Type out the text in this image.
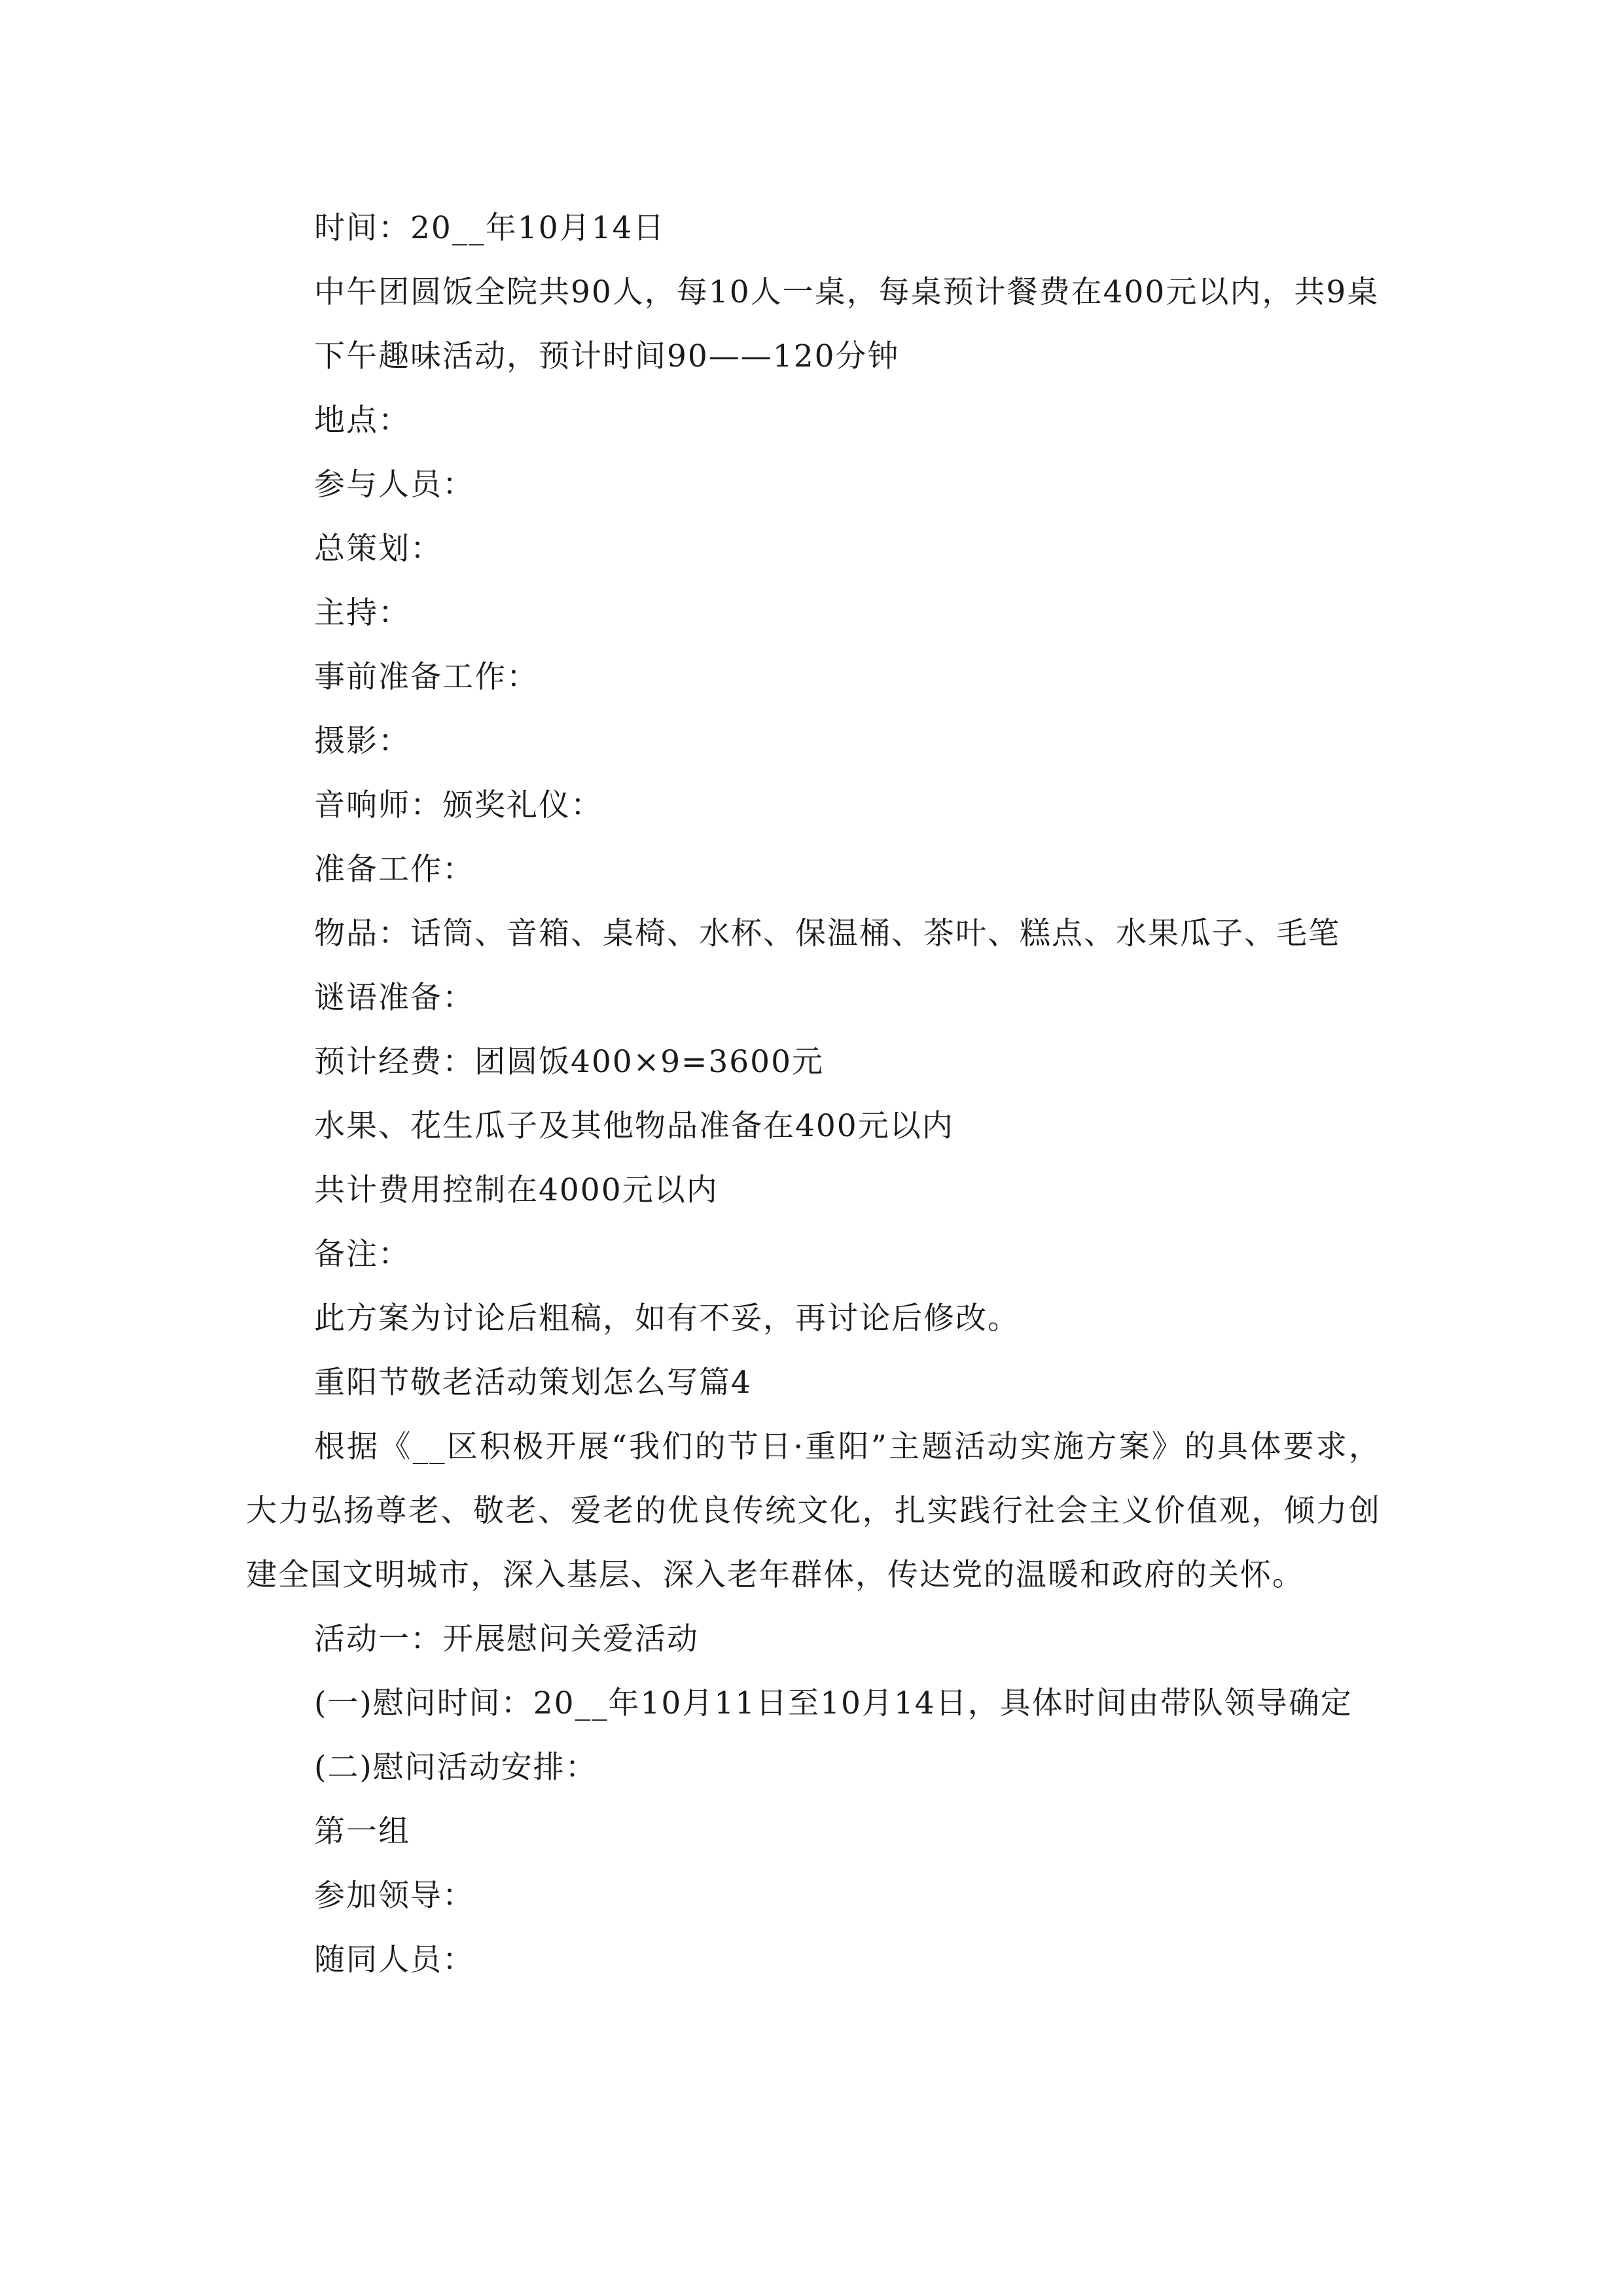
时间：20__年10月14日

中午团圆饭全院共90人，每10人一桌，每桌预计餐费在400元以内，共9桌

下午趣味活动，预计时间90——120分钟

地点：

参与人员：

总策划：

主持：

事前准备工作：

摄影：

音响师：颁奖礼仪：

准备工作：

物品：话筒、音箱、桌椅、水杯、保温桶、茶叶、糕点、水果瓜子、毛笔

谜语准备：

预计经费：团圆饭400×9=3600元

水果、花生瓜子及其他物品准备在400元以内

共计费用控制在4000元以内

备注：

此方案为讨论后粗稿，如有不妥，再讨论后修改。

重阳节敬老活动策划怎么写篇4

根据《__区积极开展“我们的节日·重阳”主题活动实施方案》的具体要求，大力弘扬尊老、敬老、爱老的优良传统文化，扎实践行社会主义价值观，倾力创建全国文明城市，深入基层、深入老年群体，传达党的温暖和政府的关怀。

活动一：开展慰问关爱活动

(一)慰问时间：20__年10月11日至10月14日，具体时间由带队领导确定

(二)慰问活动安排：

第一组

参加领导：

随同人员：
